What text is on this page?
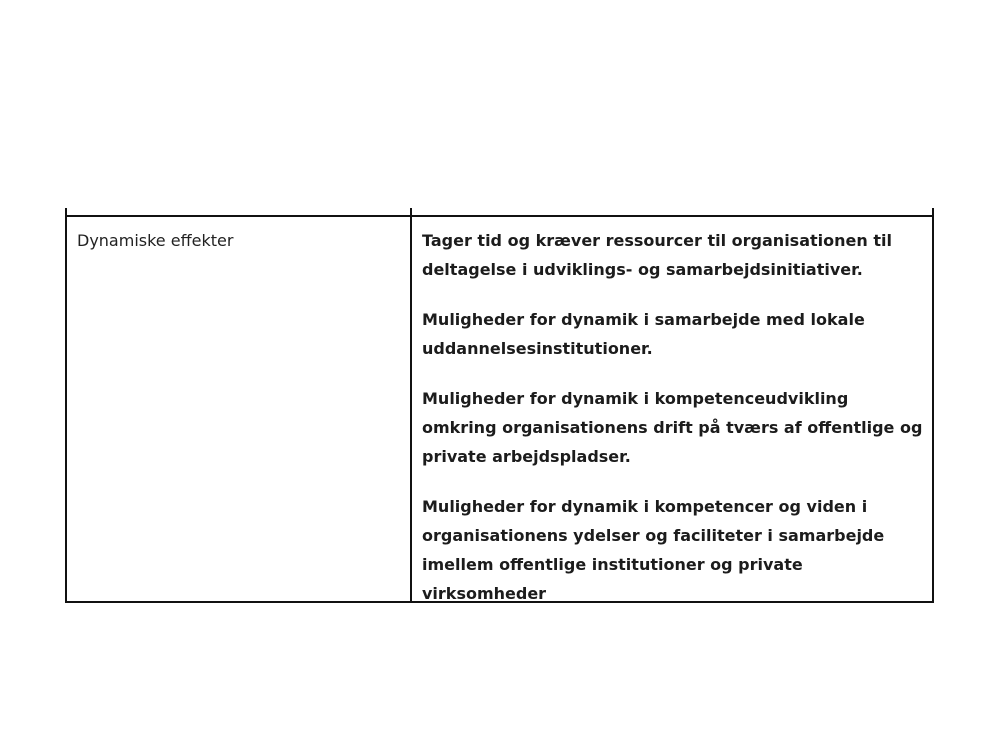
Dynamiske effekter	Tager tid og kræver ressourcer til organisationen til deltagelse i udviklings- og samarbejdsinitiativer.

Muligheder for dynamik i samarbejde med lokale uddannelsesinstitutioner.

Muligheder for dynamik i kompetenceudvikling omkring organisationens drift på tværs af offentlige og private arbejdspladser.

Muligheder for dynamik i kompetencer og viden i organisationens ydelser og faciliteter i samarbejde imellem offentlige institutioner og private virksomheder
